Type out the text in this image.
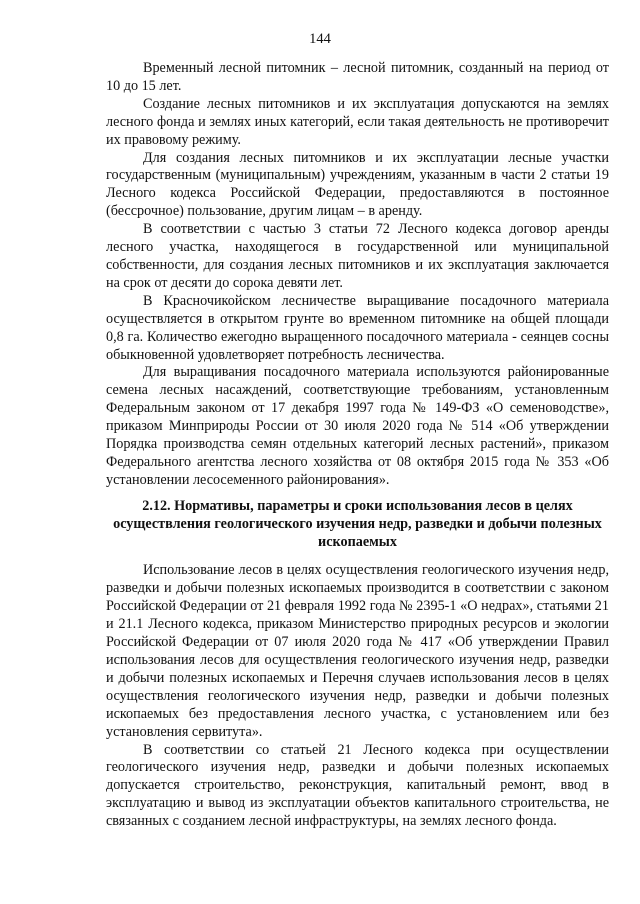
144

Временный лесной питомник – лесной питомник, созданный на период от 10 до 15 лет.

Создание лесных питомников и их эксплуатация допускаются на землях лесного фонда и землях иных категорий, если такая деятельность не противоречит их правовому режиму.

Для создания лесных питомников и их эксплуатации лесные участки государственным (муниципальным) учреждениям, указанным в части 2 статьи 19 Лесного кодекса Российской Федерации, предоставляются в постоянное (бессрочное) пользование, другим лицам – в аренду.

В соответствии с частью 3 статьи 72 Лесного кодекса договор аренды лесного участка, находящегося в государственной или муниципальной собственности, для создания лесных питомников и их эксплуатация заключается на срок от десяти до сорока девяти лет.

В Красночикойском лесничестве выращивание посадочного материала осуществляется в открытом грунте во временном питомнике на общей площади 0,8 га. Количество ежегодно выращенного посадочного материала - сеянцев сосны обыкновенной удовлетворяет потребность лесничества.

Для выращивания посадочного материала используются районированные семена лесных насаждений, соответствующие требованиям, установленным Федеральным законом от 17 декабря 1997 года № 149-ФЗ «О семеноводстве», приказом Минприроды России от 30 июля 2020 года № 514 «Об утверждении Порядка производства семян отдельных категорий лесных растений», приказом Федерального агентства лесного хозяйства от 08 октября 2015 года № 353 «Об установлении лесосеменного районирования».

2.12. Нормативы, параметры и сроки использования лесов в целях осуществления геологического изучения недр, разведки и добычи полезных ископаемых

Использование лесов в целях осуществления геологического изучения недр, разведки и добычи полезных ископаемых производится в соответствии с законом Российской Федерации от 21 февраля 1992 года № 2395-1 «О недрах», статьями 21 и 21.1 Лесного кодекса, приказом Министерство природных ресурсов и экологии Российской Федерации от 07 июля 2020 года № 417 «Об утверждении Правил использования лесов для осуществления геологического изучения недр, разведки и добычи полезных ископаемых и Перечня случаев использования лесов в целях осуществления геологического изучения недр, разведки и добычи полезных ископаемых без предоставления лесного участка, с установлением или без установления сервитута».

В соответствии со статьей 21 Лесного кодекса при осуществлении геологического изучения недр, разведки и добычи полезных ископаемых допускается строительство, реконструкция, капитальный ремонт, ввод в эксплуатацию и вывод из эксплуатации объектов капитального строительства, не связанных с созданием лесной инфраструктуры, на землях лесного фонда.
